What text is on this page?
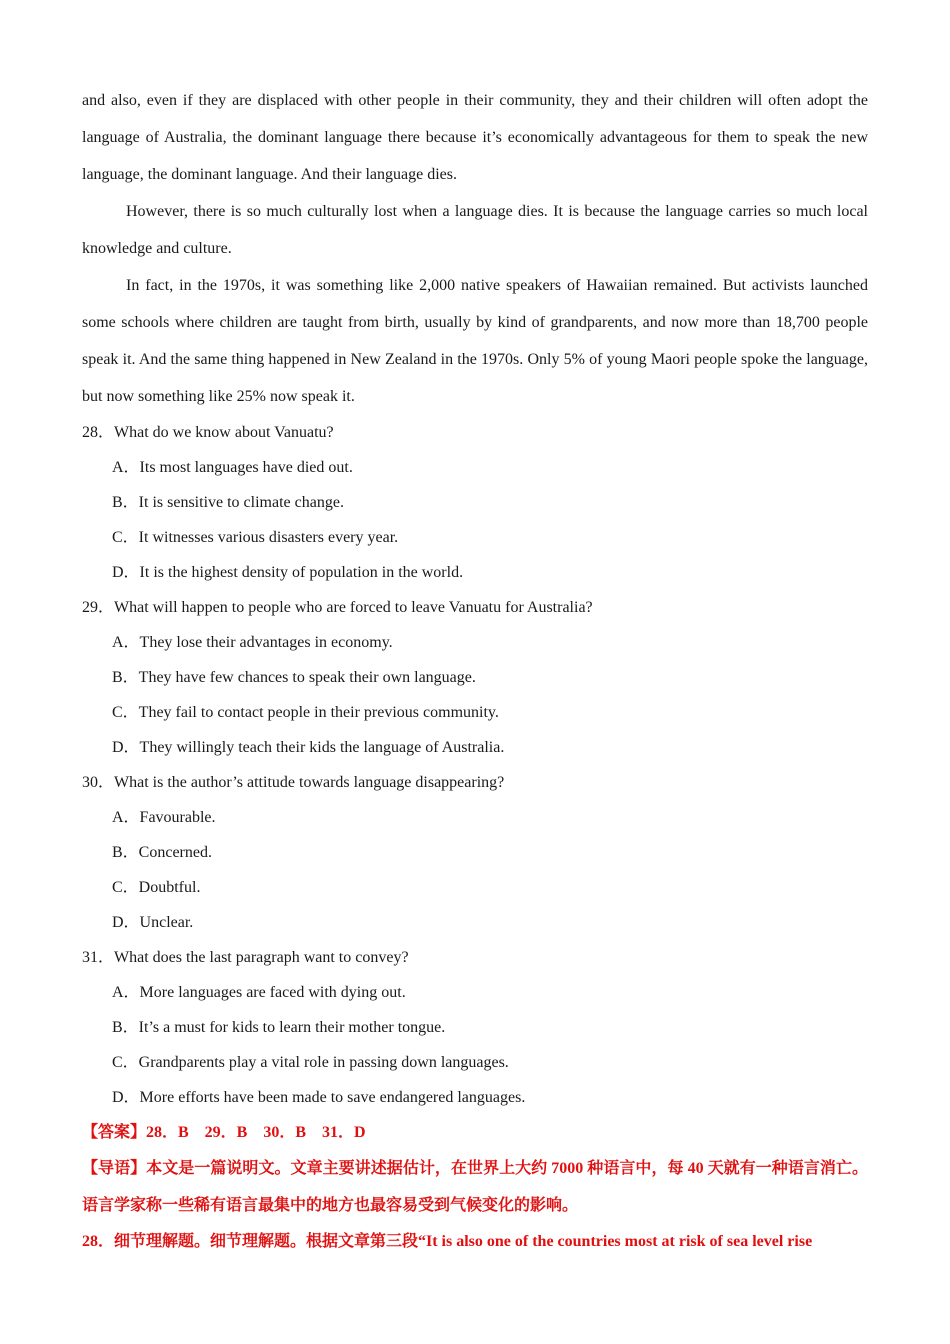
and also, even if they are displaced with other people in their community, they and their children will often adopt the language of Australia, the dominant language there because it’s economically advantageous for them to speak the new language, the dominant language. And their language dies.

However, there is so much culturally lost when a language dies. It is because the language carries so much local knowledge and culture.

In fact, in the 1970s, it was something like 2,000 native speakers of Hawaiian remained. But activists launched some schools where children are taught from birth, usually by kind of grandparents, and now more than 18,700 people speak it. And the same thing happened in New Zealand in the 1970s. Only 5% of young Maori people spoke the language, but now something like 25% now speak it.

28．What do we know about Vanuatu?

A．Its most languages have died out.

B．It is sensitive to climate change.

C．It witnesses various disasters every year.

D．It is the highest density of population in the world.

29．What will happen to people who are forced to leave Vanuatu for Australia?

A．They lose their advantages in economy.

B．They have few chances to speak their own language.

C．They fail to contact people in their previous community.

D．They willingly teach their kids the language of Australia.

30．What is the author’s attitude towards language disappearing?

A．Favourable.

B．Concerned.

C．Doubtful.

D．Unclear.

31．What does the last paragraph want to convey?

A．More languages are faced with dying out.

B．It’s a must for kids to learn their mother tongue.

C．Grandparents play a vital role in passing down languages.

D．More efforts have been made to save endangered languages.

【答案】28．B　29．B　30．B　31．D

【导语】本文是一篇说明文。文章主要讲述据估计，在世界上大约 7000 种语言中，每 40 天就有一种语言消亡。语言学家称一些稀有语言最集中的地方也最容易受到气候变化的影响。

28．细节理解题。细节理解题。根据文章第三段“It is also one of the countries most at risk of sea level rise
